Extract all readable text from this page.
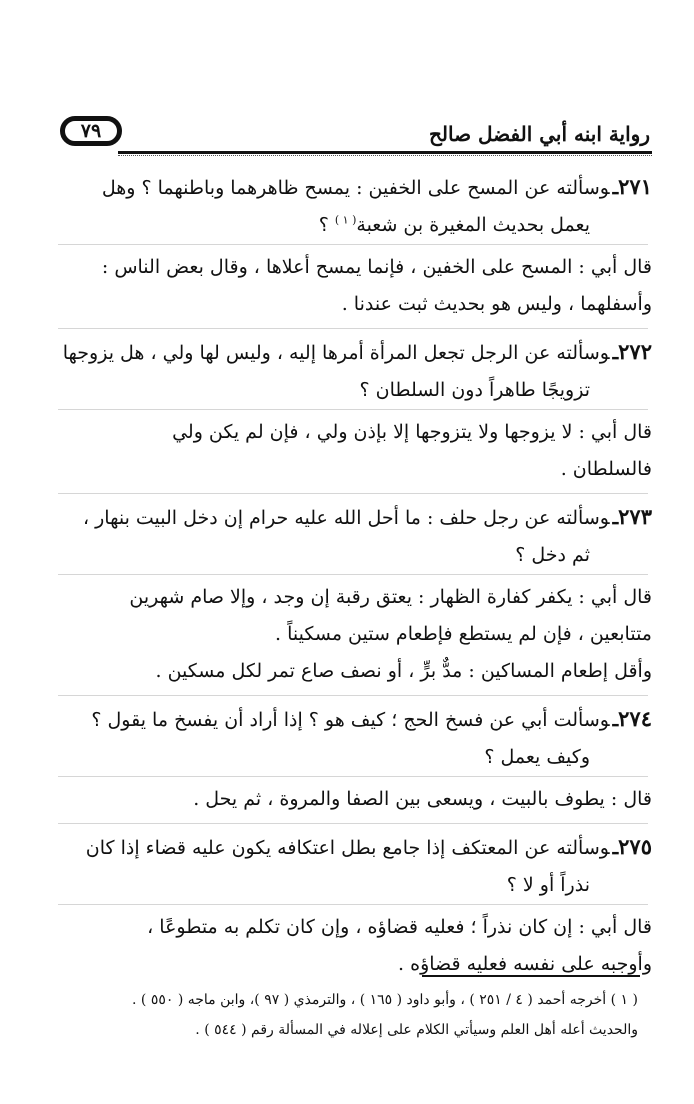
رواية ابنه أبي الفضل صالح
٧٩
٢٧١ـوسألته عن المسح على الخفين : يمسح ظاهرهما وباطنهما ؟ وهل
يعمل بحديث المغيرة بن شعبة$^{( ١ )}$ ؟
قال أبي : المسح على الخفين ، فإنما يمسح أعلاها ، وقال بعض الناس :
وأسفلهما ، وليس هو بحديث ثبت عندنا .
٢٧٢ـوسألته عن الرجل تجعل المرأة أمرها إليه ، وليس لها ولي ، هل يزوجها
تزويجًا طاهراً دون السلطان ؟
قال أبي : لا يزوجها ولا يتزوجها إلا بإذن ولي ، فإن لم يكن ولي
فالسلطان .
٢٧٣ـوسألته عن رجل حلف : ما أحل الله عليه حرام إن دخل البيت بنهار ،
ثم دخل ؟
قال أبي : يكفر كفارة الظهار : يعتق رقبة إن وجد ، وإلا صام شهرين
متتابعين ، فإن لم يستطع فإطعام ستين مسكيناً .
وأقل إطعام المساكين : مدٌّ برٍّ ، أو نصف صاع تمر لكل مسكين .
٢٧٤ـوسألت أبي عن فسخ الحج ؛ كيف هو ؟ إذا أراد أن يفسخ ما يقول ؟
وكيف يعمل ؟
قال : يطوف بالبيت ، ويسعى بين الصفا والمروة ، ثم يحل .
٢٧٥ـوسألته عن المعتكف إذا جامع بطل اعتكافه يكون عليه قضاء إذا كان
نذراً أو لا ؟
قال أبي : إن كان نذراً ؛ فعليه قضاؤه ، وإن كان تكلم به متطوعًا ،
وأوجبه على نفسه فعليه قضاؤه .
( ١ ) أخرجه أحمد ( ٤ / ٢٥١ ) ، وأبو داود ( ١٦٥ ) ، والترمذي ( ٩٧ )، وابن ماجه ( ٥٥٠ ) .
والحديث أعله أهل العلم وسيأتي الكلام على إعلاله في المسألة رقم ( ٥٤٤ ) .
